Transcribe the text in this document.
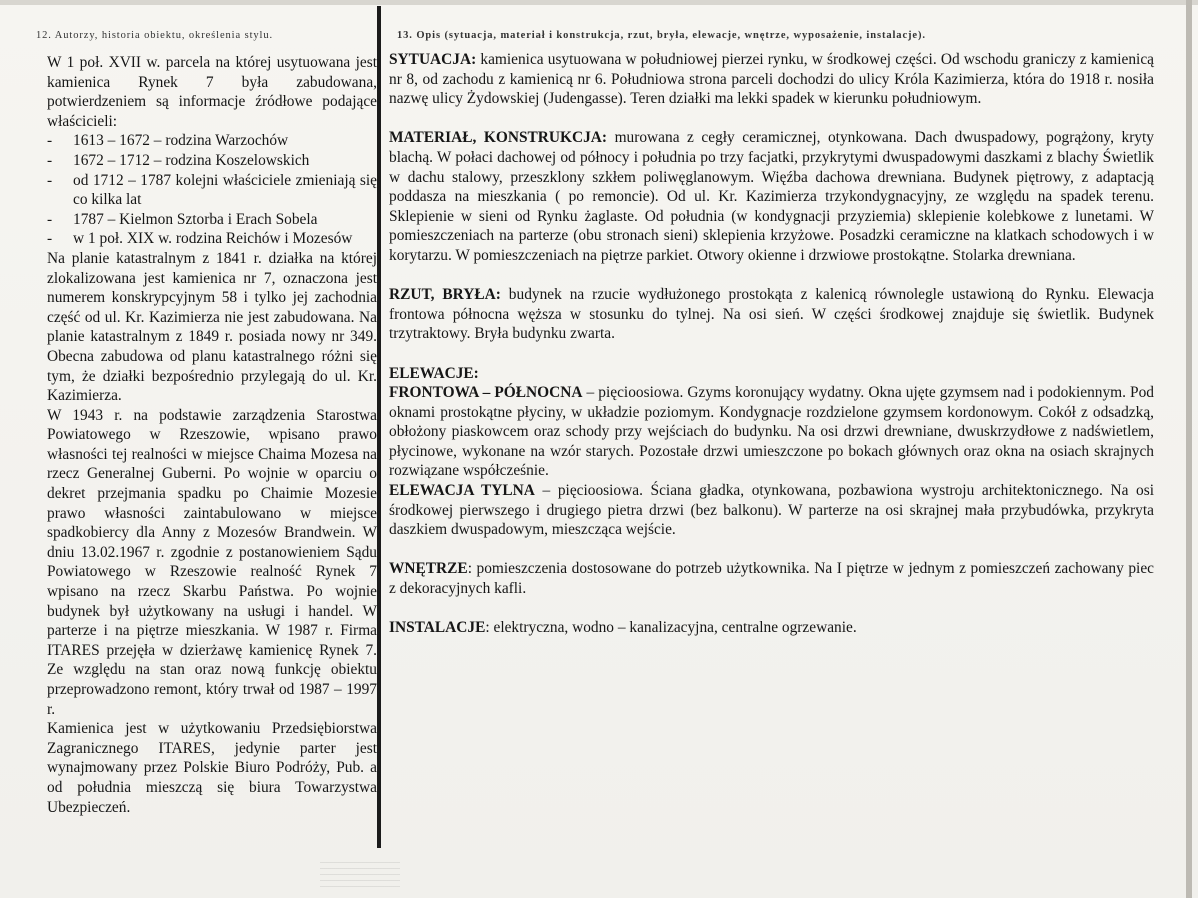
12. Autorzy, historia obiektu, określenia stylu.	13. Opis (sytuacja, materiał i konstrukcja, rzut, bryła, elewacje, wnętrze, wyposażenie, instalacje).

W 1 poł. XVII w. parcela na której usytuowana jest kamienica Rynek 7 była zabudowana, potwierdzeniem są informacje źródłowe podające właścicieli:

- 1613 – 1672 – rodzina Warzochów
- 1672 – 1712 – rodzina Koszelowskich
- od 1712 – 1787 kolejni właściciele zmieniają się co kilka lat
- 1787 – Kielmon Sztorba i Erach Sobela
- w 1 poł. XIX w. rodzina Reichów i Mozesów

Na planie katastralnym z 1841 r. działka na której zlokalizowana jest kamienica nr 7, oznaczona jest numerem konskrypcyjnym 58 i tylko jej zachodnia część od ul. Kr. Kazimierza nie jest zabudowana. Na planie katastralnym z 1849 r. posiada nowy nr 349. Obecna zabudowa od planu katastralnego różni się tym, że działki bezpośrednio przylegają do ul. Kr. Kazimierza.

W 1943 r. na podstawie zarządzenia Starostwa Powiatowego w Rzeszowie, wpisano prawo własności tej realności w miejsce Chaima Mozesa na rzecz Generalnej Guberni. Po wojnie w oparciu o dekret przejmania spadku po Chaimie Mozesie prawo własności zaintabulowano w miejsce spadkobiercy dla Anny z Mozesów Brandwein. W dniu 13.02.1967 r. zgodnie z postanowieniem Sądu Powiatowego w Rzeszowie realność Rynek 7 wpisano na rzecz Skarbu Państwa. Po wojnie budynek był użytkowany na usługi i handel. W parterze i na piętrze mieszkania. W 1987 r. Firma ITARES przejęła w dzierżawę kamienicę Rynek 7. Ze względu na stan oraz nową funkcję obiektu przeprowadzono remont, który trwał od 1987 – 1997 r.

Kamienica jest w użytkowaniu Przedsiębiorstwa Zagranicznego ITARES, jedynie parter jest wynajmowany przez Polskie Biuro Podróży, Pub. a od południa mieszczą się biura Towarzystwa Ubezpieczeń.

SYTUACJA: kamienica usytuowana w południowej pierzei rynku, w środkowej części. Od wschodu graniczy z kamienicą nr 8, od zachodu z kamienicą nr 6. Południowa strona parceli dochodzi do ulicy Króla Kazimierza, która do 1918 r. nosiła nazwę ulicy Żydowskiej (Judengasse). Teren działki ma lekki spadek w kierunku południowym.

MATERIAŁ, KONSTRUKCJA: murowana z cegły ceramicznej, otynkowana. Dach dwuspadowy, pogrążony, kryty blachą. W połaci dachowej od północy i południa po trzy facjatki, przykrytymi dwuspadowymi daszkami z blachy Świetlik w dachu stalowy, przeszklony szkłem poliwęglanowym. Więźba dachowa drewniana. Budynek piętrowy, z adaptacją poddasza na mieszkania ( po remoncie). Od ul. Kr. Kazimierza trzykondygnacyjny, ze względu na spadek terenu. Sklepienie w sieni od Rynku żaglaste. Od południa (w kondygnacji przyziemia) sklepienie kolebkowe z lunetami. W pomieszczeniach na parterze (obu stronach sieni) sklepienia krzyżowe. Posadzki ceramiczne na klatkach schodowych i w korytarzu. W pomieszczeniach na piętrze parkiet. Otwory okienne i drzwiowe prostokątne. Stolarka drewniana.

RZUT, BRYŁA: budynek na rzucie wydłużonego prostokąta z kalenicą równolegle ustawioną do Rynku. Elewacja frontowa północna węższa w stosunku do tylnej. Na osi sień. W części środkowej znajduje się świetlik. Budynek trzytraktowy. Bryła budynku zwarta.

ELEWACJE:

FRONTOWA – PÓŁNOCNA – pięcioosiowa. Gzyms koronujący wydatny. Okna ujęte gzymsem nad i podokiennym. Pod oknami prostokątne płyciny, w układzie poziomym. Kondygnacje rozdzielone gzymsem kordonowym. Cokół z odsadzką, obłożony piaskowcem oraz schody przy wejściach do budynku. Na osi drzwi drewniane, dwuskrzydłowe z nadświetlem, płycinowe, wykonane na wzór starych. Pozostałe drzwi umieszczone po bokach głównych oraz okna na osiach skrajnych rozwiązane współcześnie.

ELEWACJA TYLNA – pięcioosiowa. Ściana gładka, otynkowana, pozbawiona wystroju architektonicznego. Na osi środkowej pierwszego i drugiego pietra drzwi (bez balkonu). W parterze na osi skrajnej mała przybudówka, przykryta daszkiem dwuspadowym, mieszcząca wejście.

WNĘTRZE: pomieszczenia dostosowane do potrzeb użytkownika. Na I piętrze w jednym z pomieszczeń zachowany piec z dekoracyjnych kafli.

INSTALACJE: elektryczna, wodno – kanalizacyjna, centralne ogrzewanie.
